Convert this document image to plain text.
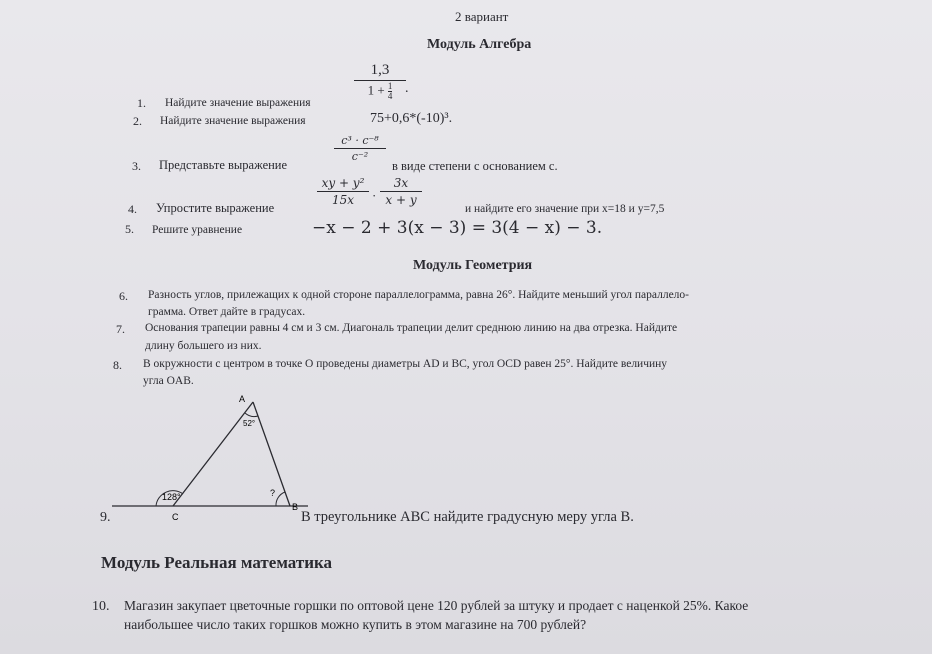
2 вариант
Модуль Алгебра
1. Найдите значение выражения
1,3
$1 + \frac{1}{4}$ .
2. Найдите значение выражения	75+0,6*(-10)³.
3. Представьте выражение
c³ · c⁻⁸
c⁻²
в виде степени с основанием c.
4. Упростите выражение
xy + y²
15x	·
3x
x + y
и найдите его значение при x=18 и y=7,5
5. Решите уравнение	−x − 2 + 3(x − 3) = 3(4 − x) − 3.
Модуль Геометрия
6. Разность углов, прилежащих к одной стороне параллелограмма, равна 26°. Найдите меньший угол параллело-
грамма. Ответ дайте в градусах.
7. Основания трапеции равны 4 см и 3 см. Диагональ трапеции делит среднюю линию на два отрезка. Найдите
длину большего из них.
8. В окружности с центром в точке O проведены диаметры AD и BC, угол OCD равен 25°. Найдите величину
угла OAB.
A
B
C
52°
128°	?
9.	В треугольнике ABC найдите градусную меру угла B.
Модуль Реальная математика
10. Магазин закупает цветочные горшки по оптовой цене 120 рублей за штуку и продает с наценкой 25%. Какое
наибольшее число таких горшков можно купить в этом магазине на 700 рублей?
